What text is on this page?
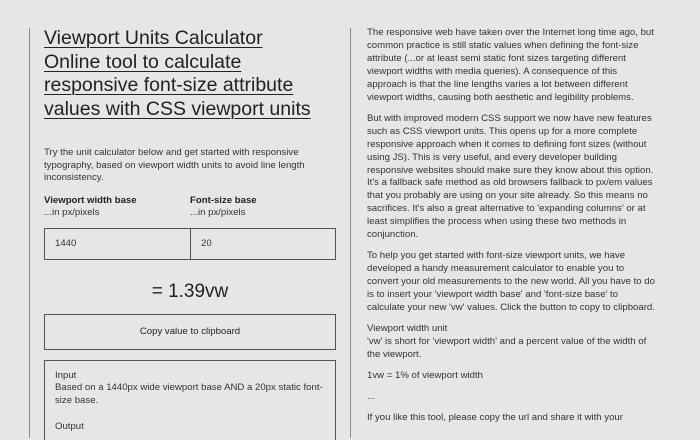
Viewport Units Calculator
Online tool to calculate
responsive font-size attribute
values with CSS viewport units

Try the unit calculator below and get started with responsive typography, based on viewport width units to avoid line length inconsistency.

Viewport width base
...in px/pixels
Font-size base
...in px/pixels
1440
20
= 1.39vw
Copy value to clipboard

Input

Based on a 1440px wide viewport base AND a 20px static font-size base.

Output

The responsive web have taken over the Internet long time ago, but common practice is still static values when defining the font-size attribute (...or at least semi static font sizes targeting different viewport widths with media queries). A consequence of this approach is that the line lengths varies a lot between different viewport widths, causing both aesthetic and legibility problems.

But with improved modern CSS support we now have new features such as CSS viewport units. This opens up for a more complete responsive approach when it comes to defining font sizes (without using JS). This is very useful, and every developer building responsive websites should make sure they know about this option. It's a fallback safe method as old browsers fallback to px/em values that you probably are using on your site already. So this means no sacrifices. It's also a great alternative to 'expanding columns' or at least simplifies the process when using these two methods in conjunction.

To help you get started with font-size viewport units, we have developed a handy measurement calculator to enable you to convert your old measurements to the new world. All you have to do is to insert your 'viewport width base' and 'font-size base' to calculate your new 'vw' values. Click the button to copy to clipboard.

Viewport width unit

'vw' is short for 'viewport width' and a percent value of the width of the viewport.

1vw = 1% of viewport width

...

If you like this tool, please copy the url and share it with your
